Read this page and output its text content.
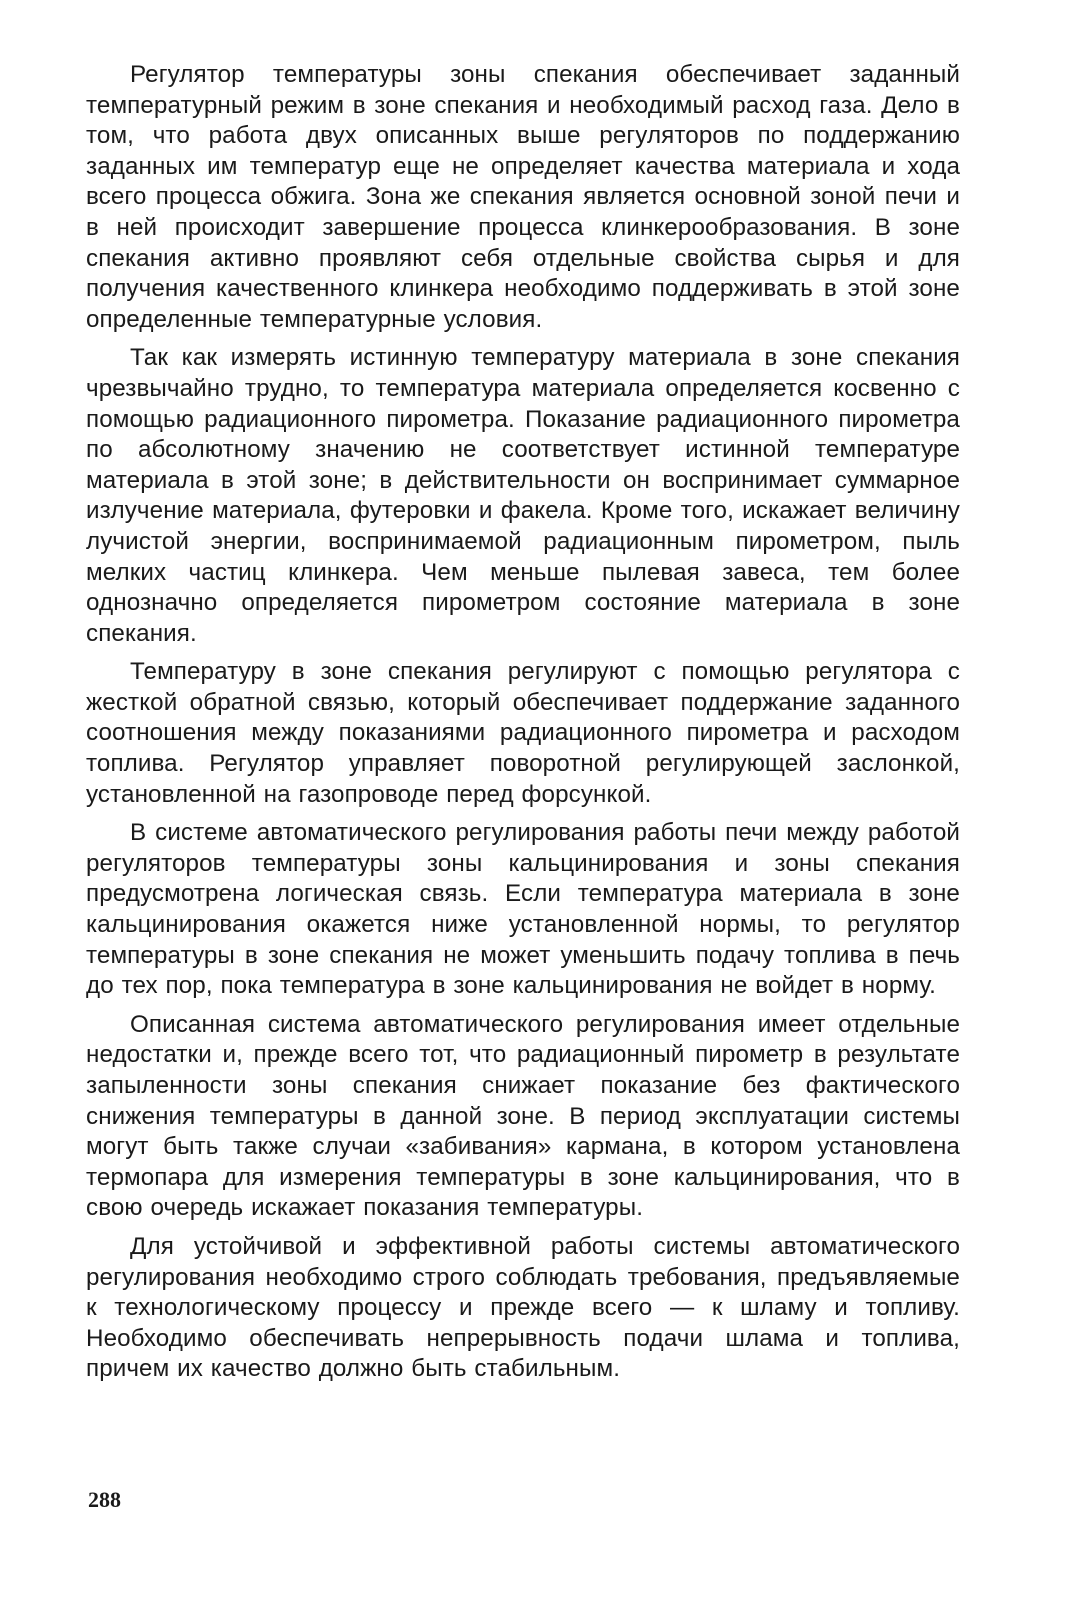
Регулятор температуры зоны спекания обеспечивает заданный температурный режим в зоне спекания и необходимый расход газа. Дело в том, что работа двух описанных выше регуляторов по поддержанию заданных им температур еще не определяет качества материала и хода всего процесса обжига. Зона же спекания является основной зоной печи и в ней происходит завершение процесса клинкерообразования. В зоне спекания активно проявляют себя отдельные свойства сырья и для получения качественного клинкера необходимо поддерживать в этой зоне определенные температурные условия.

Так как измерять истинную температуру материала в зоне спекания чрезвычайно трудно, то температура материала определяется косвенно с помощью радиационного пирометра. Показание радиационного пирометра по абсолютному значению не соответствует истинной температуре материала в этой зоне; в действительности он воспринимает суммарное излучение материала, футеровки и факела. Кроме того, искажает величину лучистой энергии, воспринимаемой радиационным пирометром, пыль мелких частиц клинкера. Чем меньше пылевая завеса, тем более однозначно определяется пирометром состояние материала в зоне спекания.

Температуру в зоне спекания регулируют с помощью регулятора с жесткой обратной связью, который обеспечивает поддержание заданного соотношения между показаниями радиационного пирометра и расходом топлива. Регулятор управляет поворотной регулирующей заслонкой, установленной на газопроводе перед форсункой.

В системе автоматического регулирования работы печи между работой регуляторов температуры зоны кальцинирования и зоны спекания предусмотрена логическая связь. Если температура материала в зоне кальцинирования окажется ниже установленной нормы, то регулятор температуры в зоне спекания не может уменьшить подачу топлива в печь до тех пор, пока температура в зоне кальцинирования не войдет в норму.

Описанная система автоматического регулирования имеет отдельные недостатки и, прежде всего тот, что радиационный пирометр в результате запыленности зоны спекания снижает показание без фактического снижения температуры в данной зоне. В период эксплуатации системы могут быть также случаи «забивания» кармана, в котором установлена термопара для измерения температуры в зоне кальцинирования, что в свою очередь искажает показания температуры.

Для устойчивой и эффективной работы системы автоматического регулирования необходимо строго соблюдать требования, предъявляемые к технологическому процессу и прежде всего — к шламу и топливу. Необходимо обеспечивать непрерывность подачи шлама и топлива, причем их качество должно быть стабильным.

288
